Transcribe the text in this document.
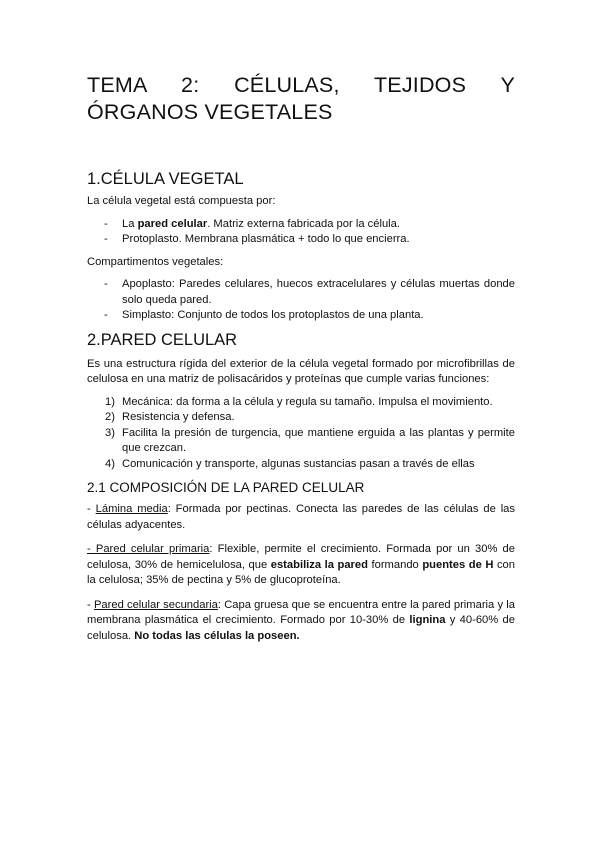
TEMA 2: CÉLULAS, TEJIDOS Y ÓRGANOS VEGETALES
1.CÉLULA VEGETAL

La célula vegetal está compuesta por:

- La pared celular. Matriz externa fabricada por la célula.
- Protoplasto. Membrana plasmática + todo lo que encierra.

Compartimentos vegetales:

- Apoplasto: Paredes celulares, huecos extracelulares y células muertas donde solo queda pared.
- Simplasto: Conjunto de todos los protoplastos de una planta.
2.PARED CELULAR

Es una estructura rígida del exterior de la célula vegetal formado por microfibrillas de celulosa en una matriz de polisacáridos y proteínas que cumple varias funciones:

1) Mecánica: da forma a la célula y regula su tamaño. Impulsa el movimiento.
2) Resistencia y defensa.
3) Facilita la presión de turgencia, que mantiene erguida a las plantas y permite que crezcan.
4) Comunicación y transporte, algunas sustancias pasan a través de ellas
2.1 COMPOSICIÓN DE LA PARED CELULAR

- Lámina media: Formada por pectinas. Conecta las paredes de las células de las células adyacentes.

- Pared celular primaria: Flexible, permite el crecimiento. Formada por un 30% de celulosa, 30% de hemicelulosa, que estabiliza la pared formando puentes de H con la celulosa; 35% de pectina y 5% de glucoproteína.

- Pared celular secundaria: Capa gruesa que se encuentra entre la pared primaria y la membrana plasmática el crecimiento. Formado por 10-30% de lignina y 40-60% de celulosa. No todas las células la poseen.
